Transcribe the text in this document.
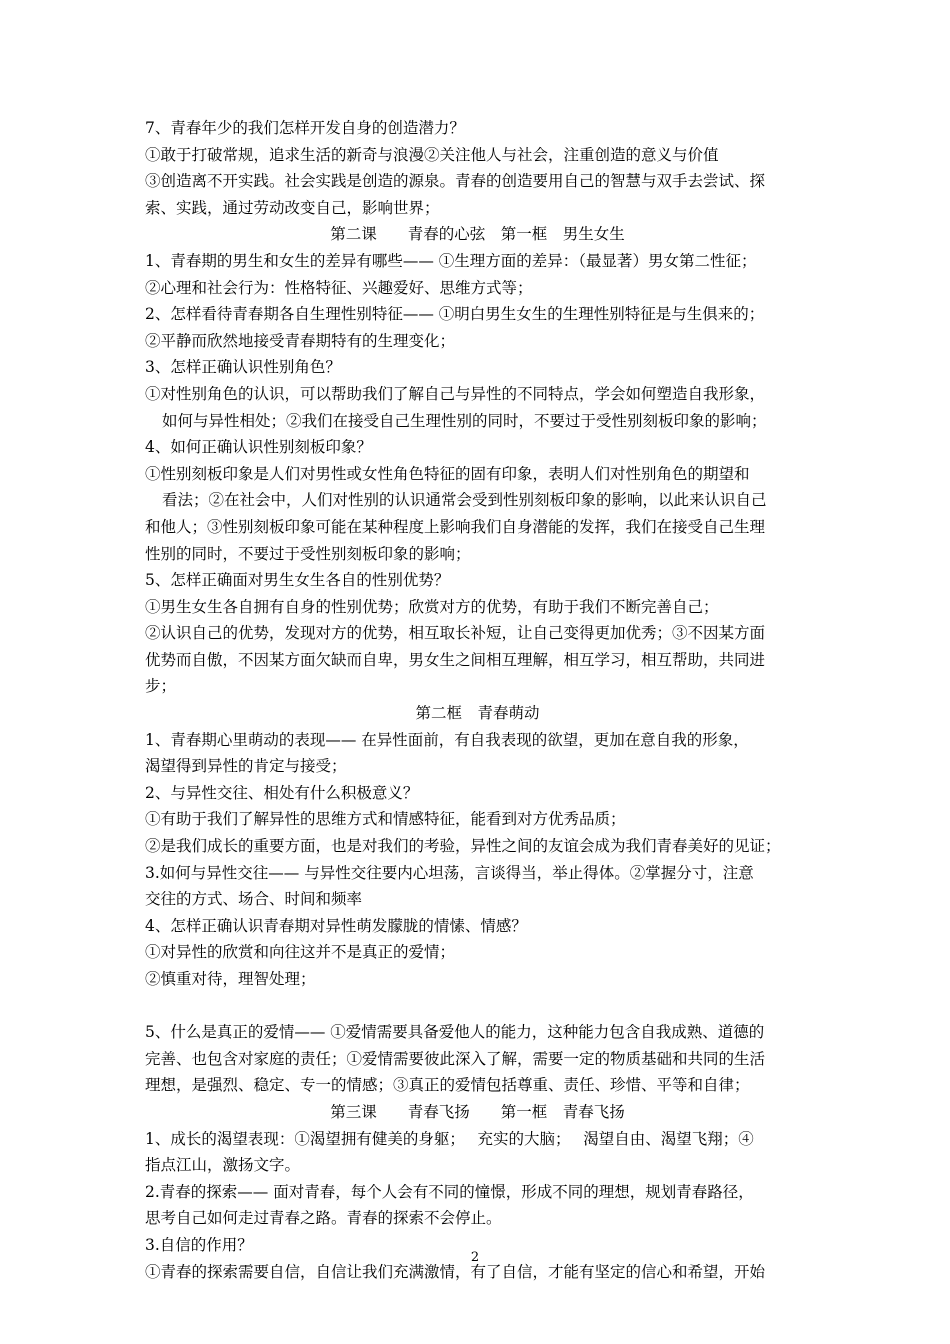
7、青春年少的我们怎样开发自身的创造潜力？
①敢于打破常规，追求生活的新奇与浪漫②关注他人与社会，注重创造的意义与价值
③创造离不开实践。社会实践是创造的源泉。青春的创造要用自己的智慧与双手去尝试、探
索、实践，通过劳动改变自己，影响世界；
第二课　　青春的心弦　第一框　男生女生
1、青春期的男生和女生的差异有哪些—— ①生理方面的差异：（最显著）男女第二性征；
②心理和社会行为：性格特征、兴趣爱好、思维方式等；
2、怎样看待青春期各自生理性别特征—— ①明白男生女生的生理性别特征是与生俱来的；
②平静而欣然地接受青春期特有的生理变化；
3、怎样正确认识性别角色？
①对性别角色的认识，可以帮助我们了解自己与异性的不同特点，学会如何塑造自我形象，
如何与异性相处；②我们在接受自己生理性别的同时，不要过于受性别刻板印象的影响；
4、如何正确认识性别刻板印象？
①性别刻板印象是人们对男性或女性角色特征的固有印象，表明人们对性别角色的期望和
看法；②在社会中，人们对性别的认识通常会受到性别刻板印象的影响，以此来认识自己
和他人；③性别刻板印象可能在某种程度上影响我们自身潜能的发挥，我们在接受自己生理
性别的同时，不要过于受性别刻板印象的影响；
5、怎样正确面对男生女生各自的性别优势？
①男生女生各自拥有自身的性别优势；欣赏对方的优势，有助于我们不断完善自己；
②认识自己的优势，发现对方的优势，相互取长补短，让自己变得更加优秀；③不因某方面
优势而自傲，不因某方面欠缺而自卑，男女生之间相互理解，相互学习，相互帮助，共同进
步；
第二框　青春萌动
1、青春期心里萌动的表现—— 在异性面前，有自我表现的欲望，更加在意自我的形象，
渴望得到异性的肯定与接受；
2、与异性交往、相处有什么积极意义？
①有助于我们了解异性的思维方式和情感特征，能看到对方优秀品质；
②是我们成长的重要方面，也是对我们的考验，异性之间的友谊会成为我们青春美好的见证；
3.如何与异性交往—— 与异性交往要内心坦荡，言谈得当，举止得体。②掌握分寸，注意
交往的方式、场合、时间和频率
4、怎样正确认识青春期对异性萌发朦胧的情愫、情感？
①对异性的欣赏和向往这并不是真正的爱情；
②慎重对待，理智处理；
5、什么是真正的爱情—— ①爱情需要具备爱他人的能力，这种能力包含自我成熟、道德的
完善、也包含对家庭的责任；①爱情需要彼此深入了解，需要一定的物质基础和共同的生活
理想，是强烈、稳定、专一的情感；③真正的爱情包括尊重、责任、珍惜、平等和自律；
第三课　　青春飞扬　　第一框　青春飞扬
1、成长的渴望表现：①渴望拥有健美的身躯；　 充实的大脑；　 渴望自由、渴望飞翔；④
指点江山，激扬文字。
2.青春的探索—— 面对青春，每个人会有不同的憧憬，形成不同的理想，规划青春路径，
思考自己如何走过青春之路。青春的探索不会停止。
3.自信的作用？
①青春的探索需要自信，自信让我们充满激情，有了自信，才能有坚定的信心和希望，开始
2
